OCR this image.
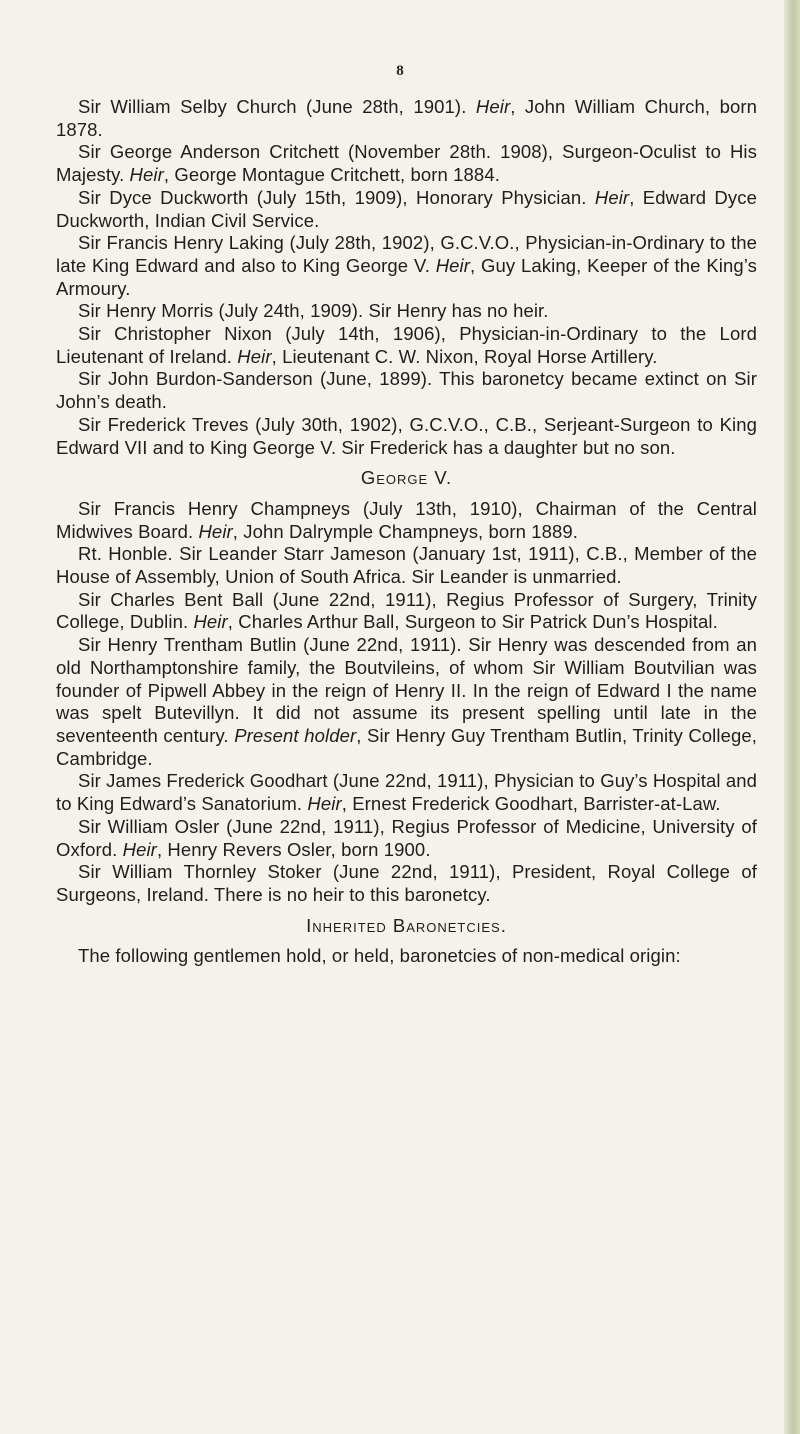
8

Sir William Selby Church (June 28th, 1901). Heir, John William Church, born 1878.

Sir George Anderson Critchett (November 28th. 1908), Surgeon-Oculist to His Majesty. Heir, George Montague Critchett, born 1884.

Sir Dyce Duckworth (July 15th, 1909), Honorary Physician. Heir, Edward Dyce Duckworth, Indian Civil Service.

Sir Francis Henry Laking (July 28th, 1902), G.C.V.O., Physician-in-Ordinary to the late King Edward and also to King George V. Heir, Guy Laking, Keeper of the King’s Armoury.

Sir Henry Morris (July 24th, 1909). Sir Henry has no heir.

Sir Christopher Nixon (July 14th, 1906), Physician-in-Ordinary to the Lord Lieutenant of Ireland. Heir, Lieutenant C. W. Nixon, Royal Horse Artillery.

Sir John Burdon-Sanderson (June, 1899). This baronetcy became extinct on Sir John’s death.

Sir Frederick Treves (July 30th, 1902), G.C.V.O., C.B., Serjeant-Surgeon to King Edward VII and to King George V. Sir Frederick has a daughter but no son.

George V.

Sir Francis Henry Champneys (July 13th, 1910), Chairman of the Central Midwives Board. Heir, John Dalrymple Champneys, born 1889.

Rt. Honble. Sir Leander Starr Jameson (January 1st, 1911), C.B., Member of the House of Assembly, Union of South Africa. Sir Leander is unmarried.

Sir Charles Bent Ball (June 22nd, 1911), Regius Professor of Surgery, Trinity College, Dublin. Heir, Charles Arthur Ball, Surgeon to Sir Patrick Dun’s Hospital.

Sir Henry Trentham Butlin (June 22nd, 1911). Sir Henry was descended from an old Northamptonshire family, the Boutvileins, of whom Sir William Boutvilian was founder of Pipwell Abbey in the reign of Henry II. In the reign of Edward I the name was spelt Butevillyn. It did not assume its present spelling until late in the seventeenth century. Present holder, Sir Henry Guy Trentham Butlin, Trinity College, Cambridge.

Sir James Frederick Goodhart (June 22nd, 1911), Physician to Guy’s Hospital and to King Edward’s Sanatorium. Heir, Ernest Frederick Goodhart, Barrister-at-Law.

Sir William Osler (June 22nd, 1911), Regius Professor of Medicine, University of Oxford. Heir, Henry Revers Osler, born 1900.

Sir William Thornley Stoker (June 22nd, 1911), President, Royal College of Surgeons, Ireland. There is no heir to this baronetcy.

Inherited Baronetcies.

The following gentlemen hold, or held, baronetcies of non-medical origin:
